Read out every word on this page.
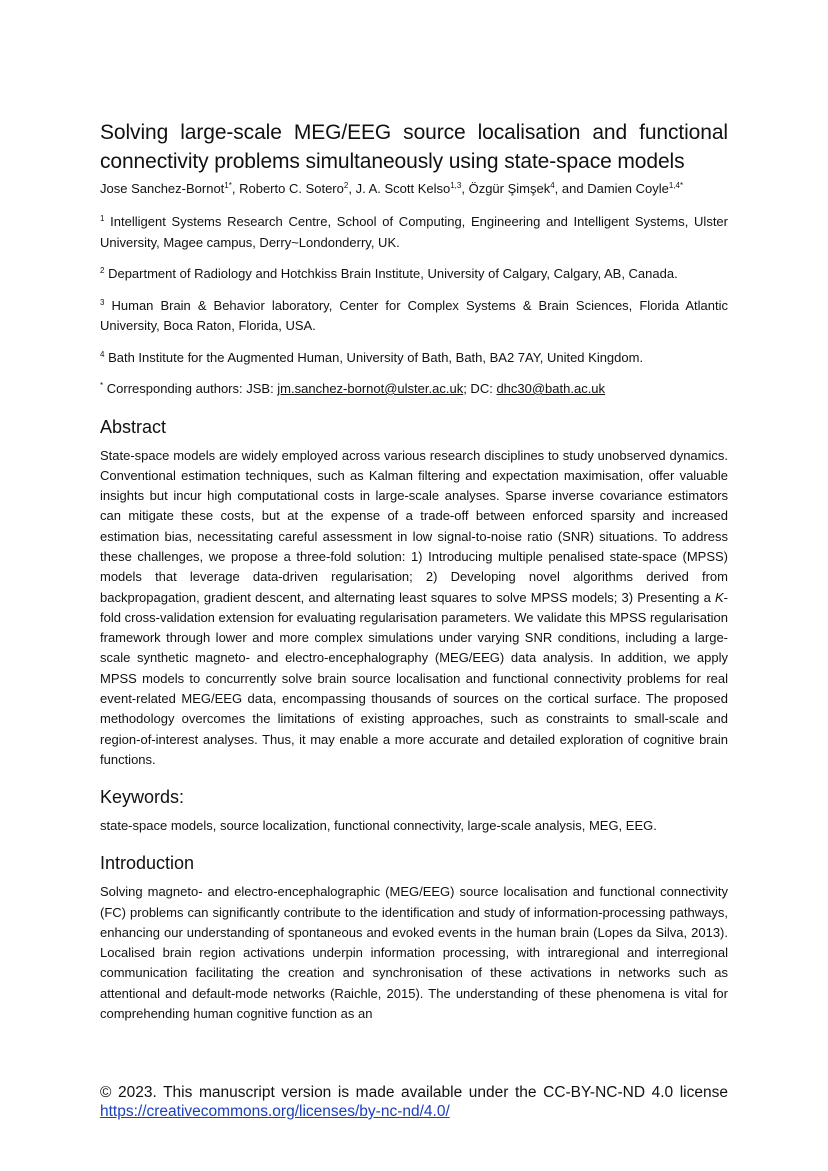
Solving large-scale MEG/EEG source localisation and functional connectivity problems simultaneously using state-space models
Jose Sanchez-Bornot$^{1*}$, Roberto C. Sotero$^2$, J. A. Scott Kelso$^{1,3}$, Özgür Şimşek$^4$, and Damien Coyle$^{1,4*}$

$^1$ Intelligent Systems Research Centre, School of Computing, Engineering and Intelligent Systems, Ulster University, Magee campus, Derry~Londonderry, UK.

$^2$ Department of Radiology and Hotchkiss Brain Institute, University of Calgary, Calgary, AB, Canada.

$^3$ Human Brain & Behavior laboratory, Center for Complex Systems & Brain Sciences, Florida Atlantic University, Boca Raton, Florida, USA.

$^4$ Bath Institute for the Augmented Human, University of Bath, Bath, BA2 7AY, United Kingdom.

* Corresponding authors: JSB: jm.sanchez-bornot@ulster.ac.uk; DC: dhc30@bath.ac.uk

Abstract

State-space models are widely employed across various research disciplines to study unobserved dynamics. Conventional estimation techniques, such as Kalman filtering and expectation maximisation, offer valuable insights but incur high computational costs in large-scale analyses. Sparse inverse covariance estimators can mitigate these costs, but at the expense of a trade-off between enforced sparsity and increased estimation bias, necessitating careful assessment in low signal-to-noise ratio (SNR) situations. To address these challenges, we propose a three-fold solution: 1) Introducing multiple penalised state-space (MPSS) models that leverage data-driven regularisation; 2) Developing novel algorithms derived from backpropagation, gradient descent, and alternating least squares to solve MPSS models; 3) Presenting a K-fold cross-validation extension for evaluating regularisation parameters. We validate this MPSS regularisation framework through lower and more complex simulations under varying SNR conditions, including a large-scale synthetic magneto- and electro-encephalography (MEG/EEG) data analysis. In addition, we apply MPSS models to concurrently solve brain source localisation and functional connectivity problems for real event-related MEG/EEG data, encompassing thousands of sources on the cortical surface. The proposed methodology overcomes the limitations of existing approaches, such as constraints to small-scale and region-of-interest analyses. Thus, it may enable a more accurate and detailed exploration of cognitive brain functions.

Keywords:

state-space models, source localization, functional connectivity, large-scale analysis, MEG, EEG.

Introduction

Solving magneto- and electro-encephalographic (MEG/EEG) source localisation and functional connectivity (FC) problems can significantly contribute to the identification and study of information-processing pathways, enhancing our understanding of spontaneous and evoked events in the human brain (Lopes da Silva, 2013). Localised brain region activations underpin information processing, with intraregional and interregional communication facilitating the creation and synchronisation of these activations in networks such as attentional and default-mode networks (Raichle, 2015). The understanding of these phenomena is vital for comprehending human cognitive function as an

© 2023. This manuscript version is made available under the CC-BY-NC-ND 4.0 license https://creativecommons.org/licenses/by-nc-nd/4.0/
